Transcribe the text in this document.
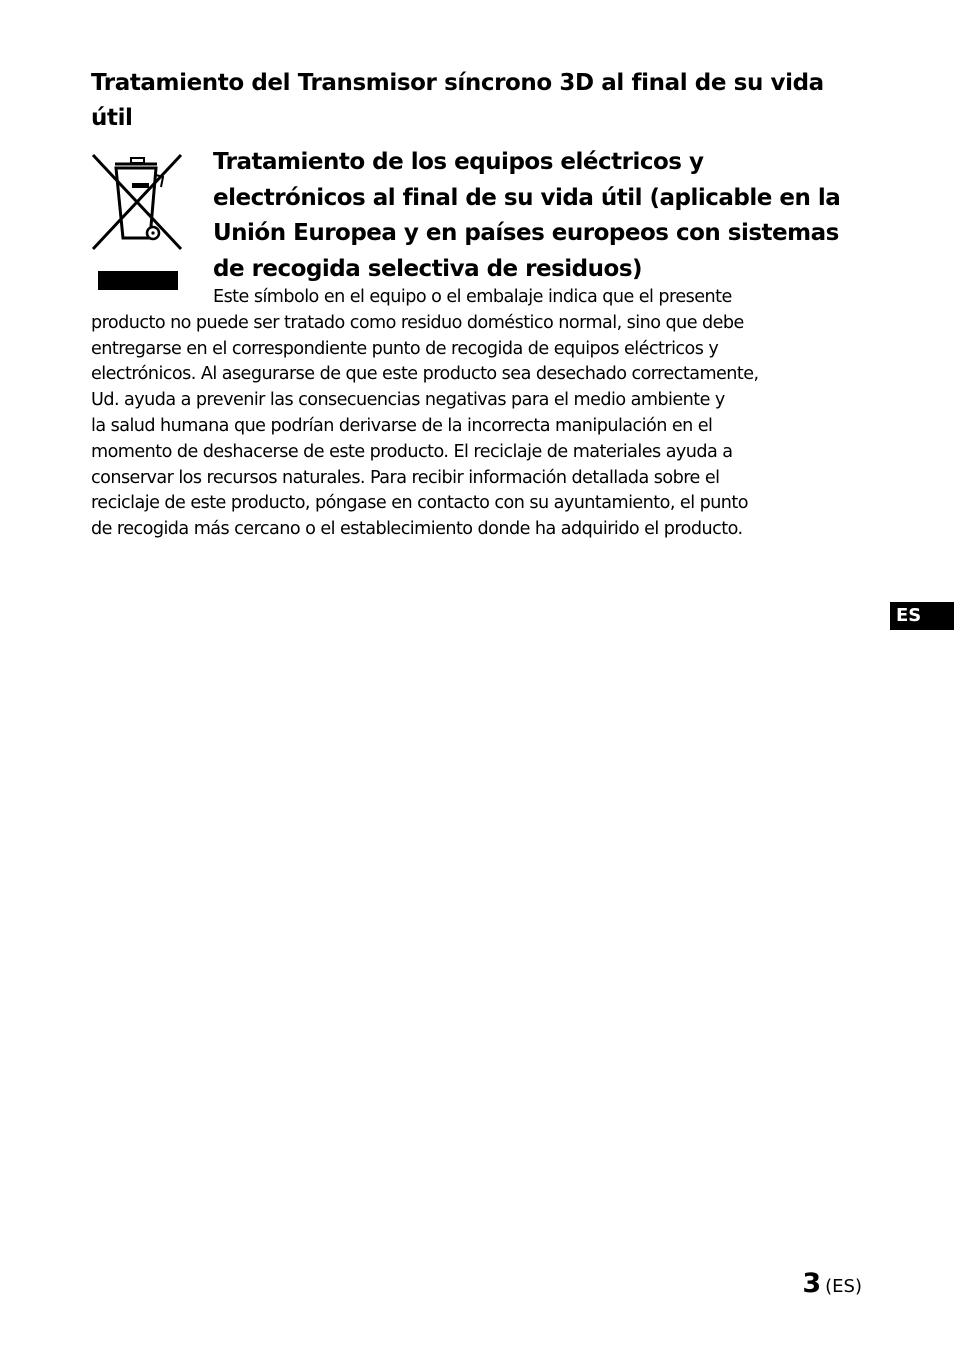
Tratamiento del Transmisor síncrono 3D al final de su vida útil
Tratamiento de los equipos eléctricos y electrónicos al final de su vida útil (aplicable en la Unión Europea y en países europeos con sistemas de recogida selectiva de residuos)

Este símbolo en el equipo o el embalaje indica que el presente
producto no puede ser tratado como residuo doméstico normal, sino que debe
entregarse en el correspondiente punto de recogida de equipos eléctricos y
electrónicos. Al asegurarse de que este producto sea desechado correctamente,
Ud. ayuda a prevenir las consecuencias negativas para el medio ambiente y
la salud humana que podrían derivarse de la incorrecta manipulación en el
momento de deshacerse de este producto. El reciclaje de materiales ayuda a
conservar los recursos naturales. Para recibir información detallada sobre el
reciclaje de este producto, póngase en contacto con su ayuntamiento, el punto
de recogida más cercano o el establecimiento donde ha adquirido el producto.

ES
3 (ES)
